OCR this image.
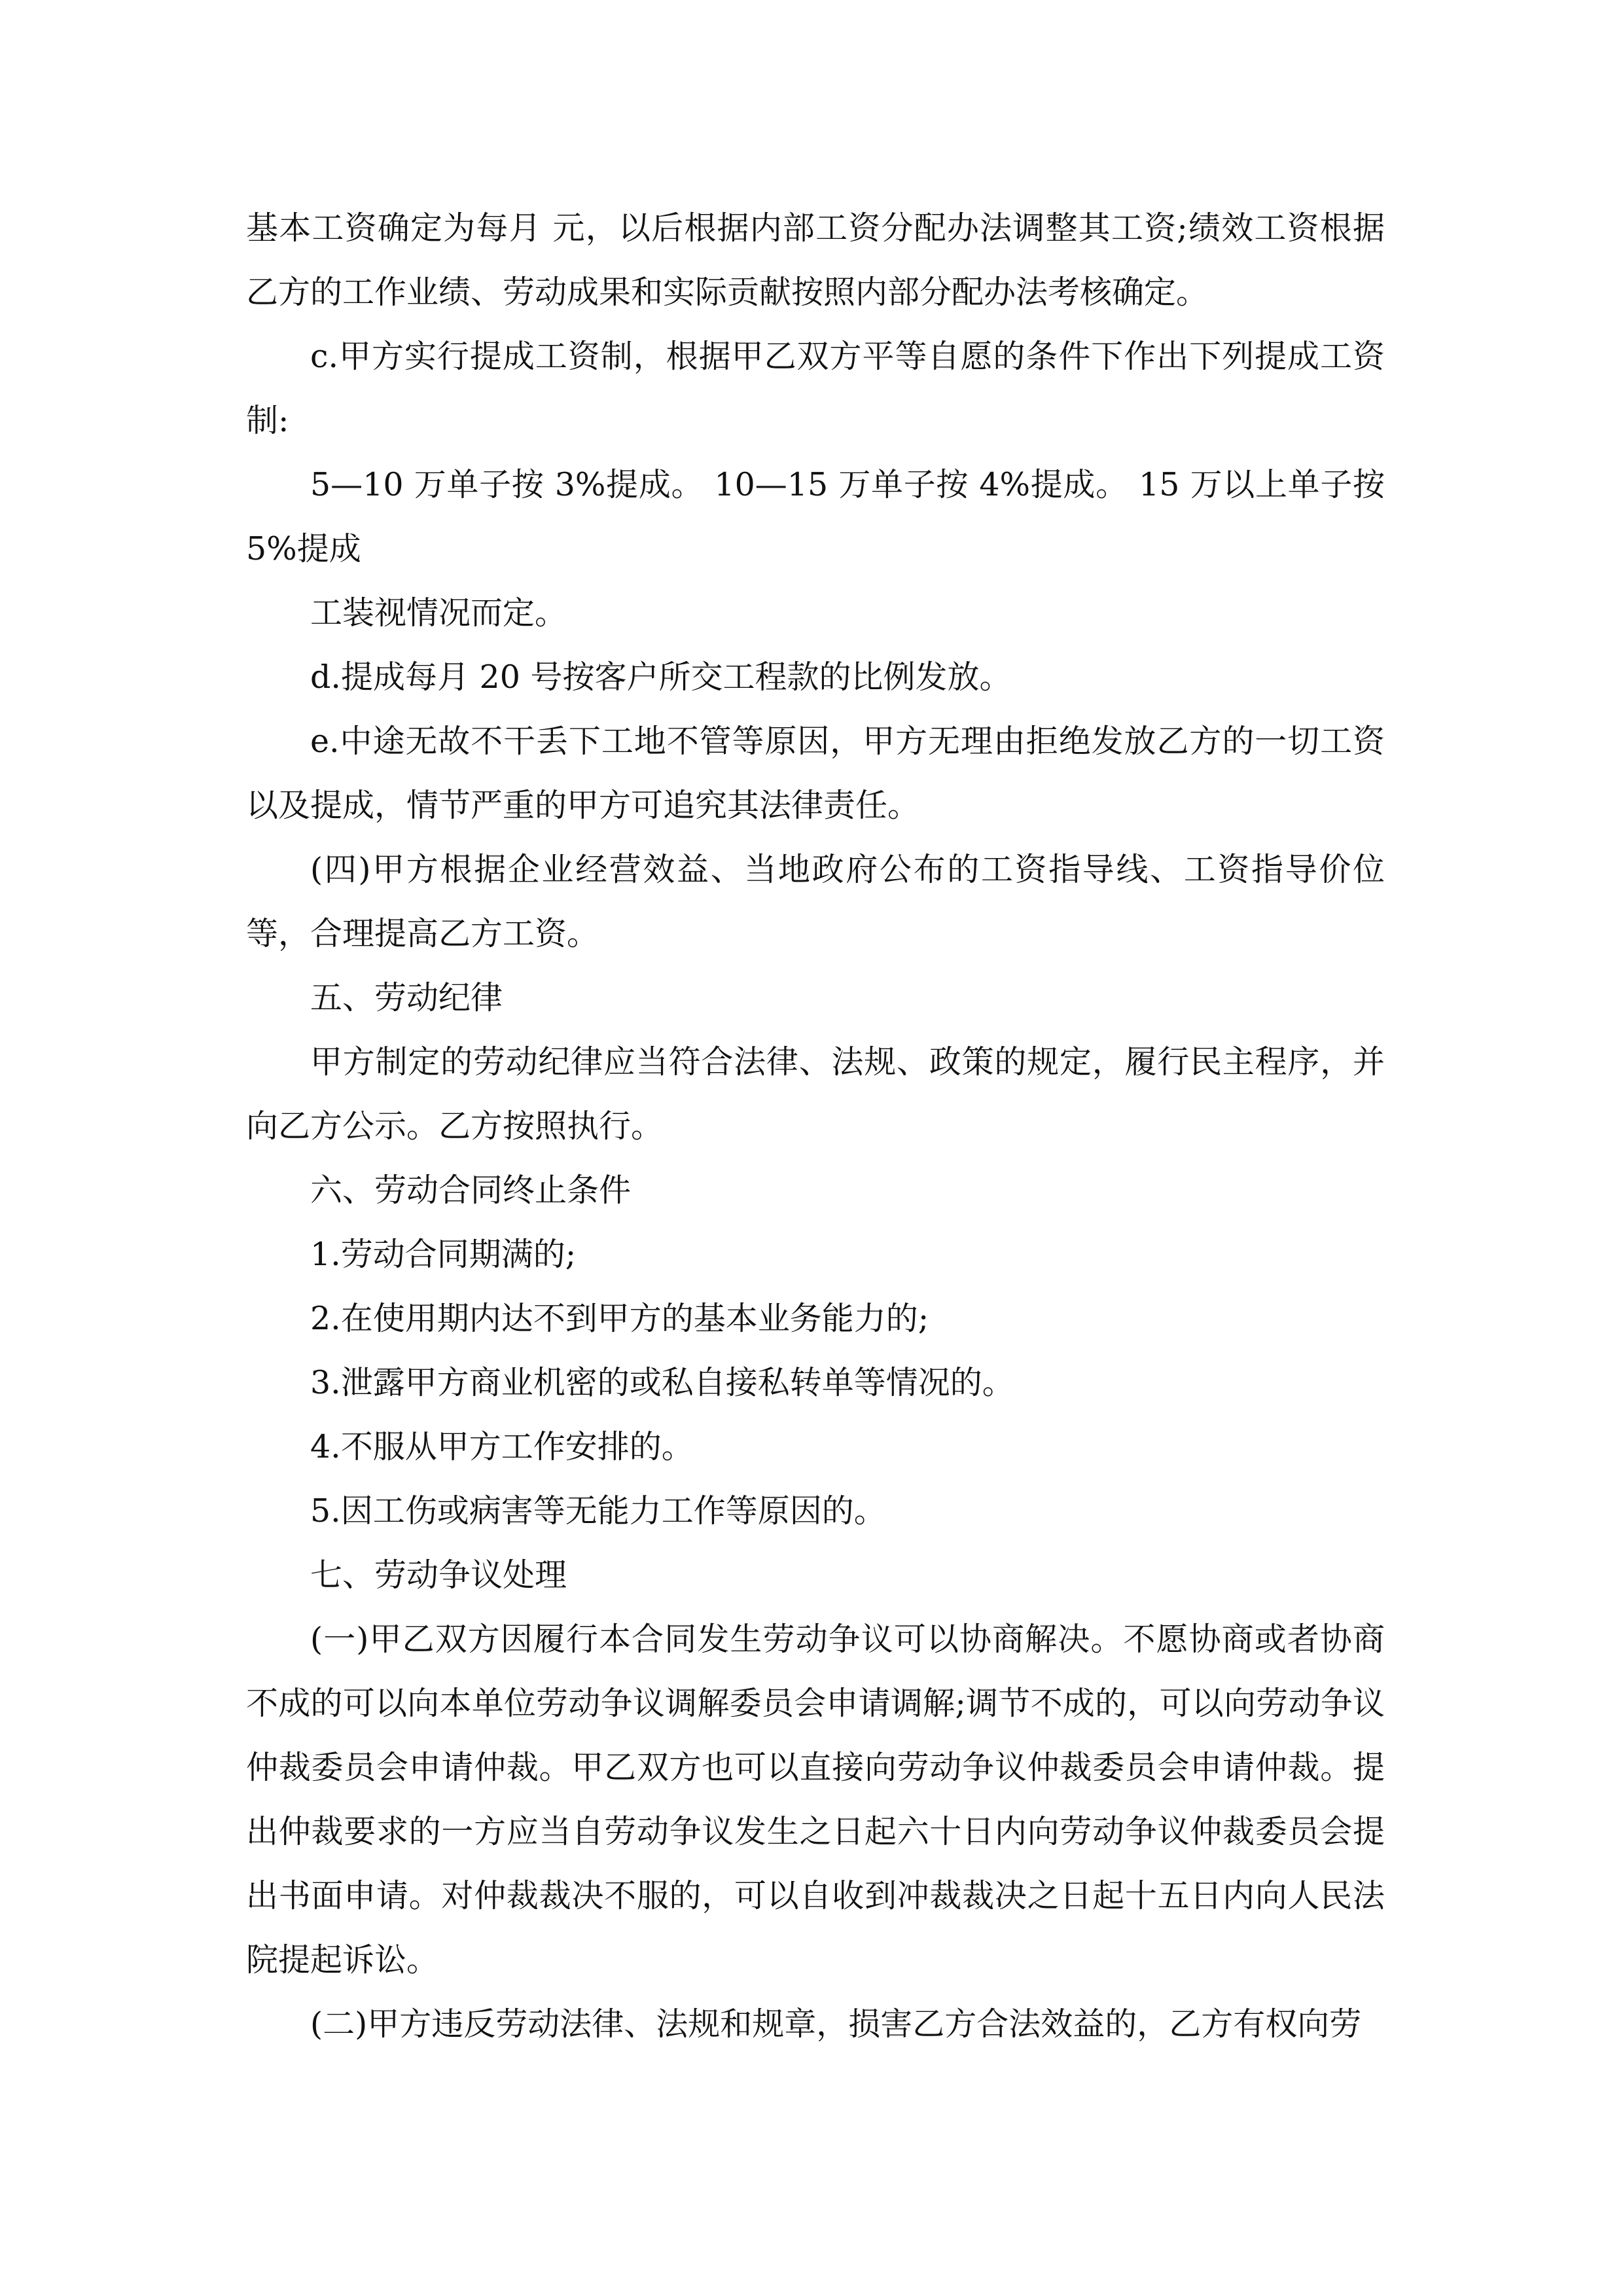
基本工资确定为每月 元，以后根据内部工资分配办法调整其工资;绩效工资根据乙方的工作业绩、劳动成果和实际贡献按照内部分配办法考核确定。

c.甲方实行提成工资制，根据甲乙双方平等自愿的条件下作出下列提成工资制:

5—10 万单子按 3%提成。 10—15 万单子按 4%提成。 15 万以上单子按 5%提成

工装视情况而定。

d.提成每月 20 号按客户所交工程款的比例发放。

e.中途无故不干丢下工地不管等原因，甲方无理由拒绝发放乙方的一切工资以及提成，情节严重的甲方可追究其法律责任。

(四)甲方根据企业经营效益、当地政府公布的工资指导线、工资指导价位等，合理提高乙方工资。

五、劳动纪律

甲方制定的劳动纪律应当符合法律、法规、政策的规定，履行民主程序，并向乙方公示。乙方按照执行。

六、劳动合同终止条件

1.劳动合同期满的;

2.在使用期内达不到甲方的基本业务能力的;

3.泄露甲方商业机密的或私自接私转单等情况的。

4.不服从甲方工作安排的。

5.因工伤或病害等无能力工作等原因的。

七、劳动争议处理

(一)甲乙双方因履行本合同发生劳动争议可以协商解决。不愿协商或者协商不成的可以向本单位劳动争议调解委员会申请调解;调节不成的，可以向劳动争议仲裁委员会申请仲裁。甲乙双方也可以直接向劳动争议仲裁委员会申请仲裁。提出仲裁要求的一方应当自劳动争议发生之日起六十日内向劳动争议仲裁委员会提出书面申请。对仲裁裁决不服的，可以自收到冲裁裁决之日起十五日内向人民法院提起诉讼。

(二)甲方违反劳动法律、法规和规章，损害乙方合法效益的，乙方有权向劳
